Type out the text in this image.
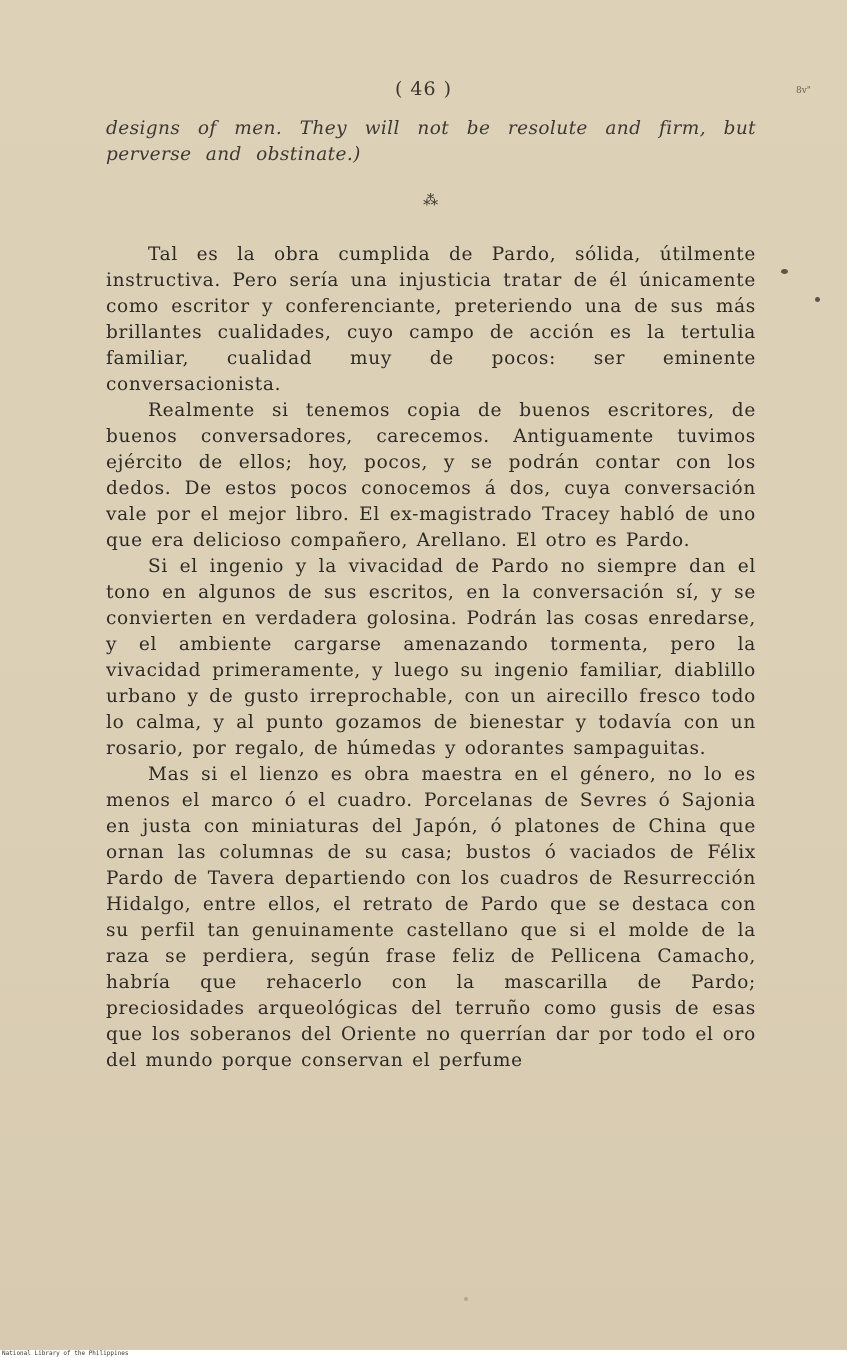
( 46 )	8v"

designs of men. They will not be resolute and firm, but perverse and obstinate.)

⁂

Tal es la obra cumplida de Pardo, sólida, útilmente instructiva. Pero sería una injusticia tratar de él únicamente como escritor y conferenciante, preteriendo una de sus más brillantes cualidades, cuyo campo de acción es la tertulia familiar, cualidad muy de pocos: ser eminente conversacionista.

Realmente si tenemos copia de buenos escritores, de buenos conversadores, carecemos. Antiguamente tuvimos ejército de ellos; hoy, pocos, y se podrán contar con los dedos. De estos pocos conocemos á dos, cuya conversación vale por el mejor libro. El ex-magistrado Tracey habló de uno que era delicioso compañero, Arellano. El otro es Pardo.

Si el ingenio y la vivacidad de Pardo no siempre dan el tono en algunos de sus escritos, en la conversación sí, y se convierten en verdadera golosina. Podrán las cosas enredarse, y el ambiente cargarse amenazando tormenta, pero la vivacidad primeramente, y luego su ingenio familiar, diablillo urbano y de gusto irreprochable, con un airecillo fresco todo lo calma, y al punto gozamos de bienestar y todavía con un rosario, por regalo, de húmedas y odorantes sampaguitas.

Mas si el lienzo es obra maestra en el género, no lo es menos el marco ó el cuadro. Porcelanas de Sevres ó Sajonia en justa con miniaturas del Japón, ó platones de China que ornan las columnas de su casa; bustos ó vaciados de Félix Pardo de Tavera departiendo con los cuadros de Resurrección Hidalgo, entre ellos, el retrato de Pardo que se destaca con su perfil tan genuinamente castellano que si el molde de la raza se perdiera, según frase feliz de Pellicena Camacho, habría que rehacerlo con la mascarilla de Pardo; preciosidades arqueológicas del terruño como gusis de esas que los soberanos del Oriente no querrían dar por todo el oro del mundo porque conservan el perfume

National Library of the Philippines
